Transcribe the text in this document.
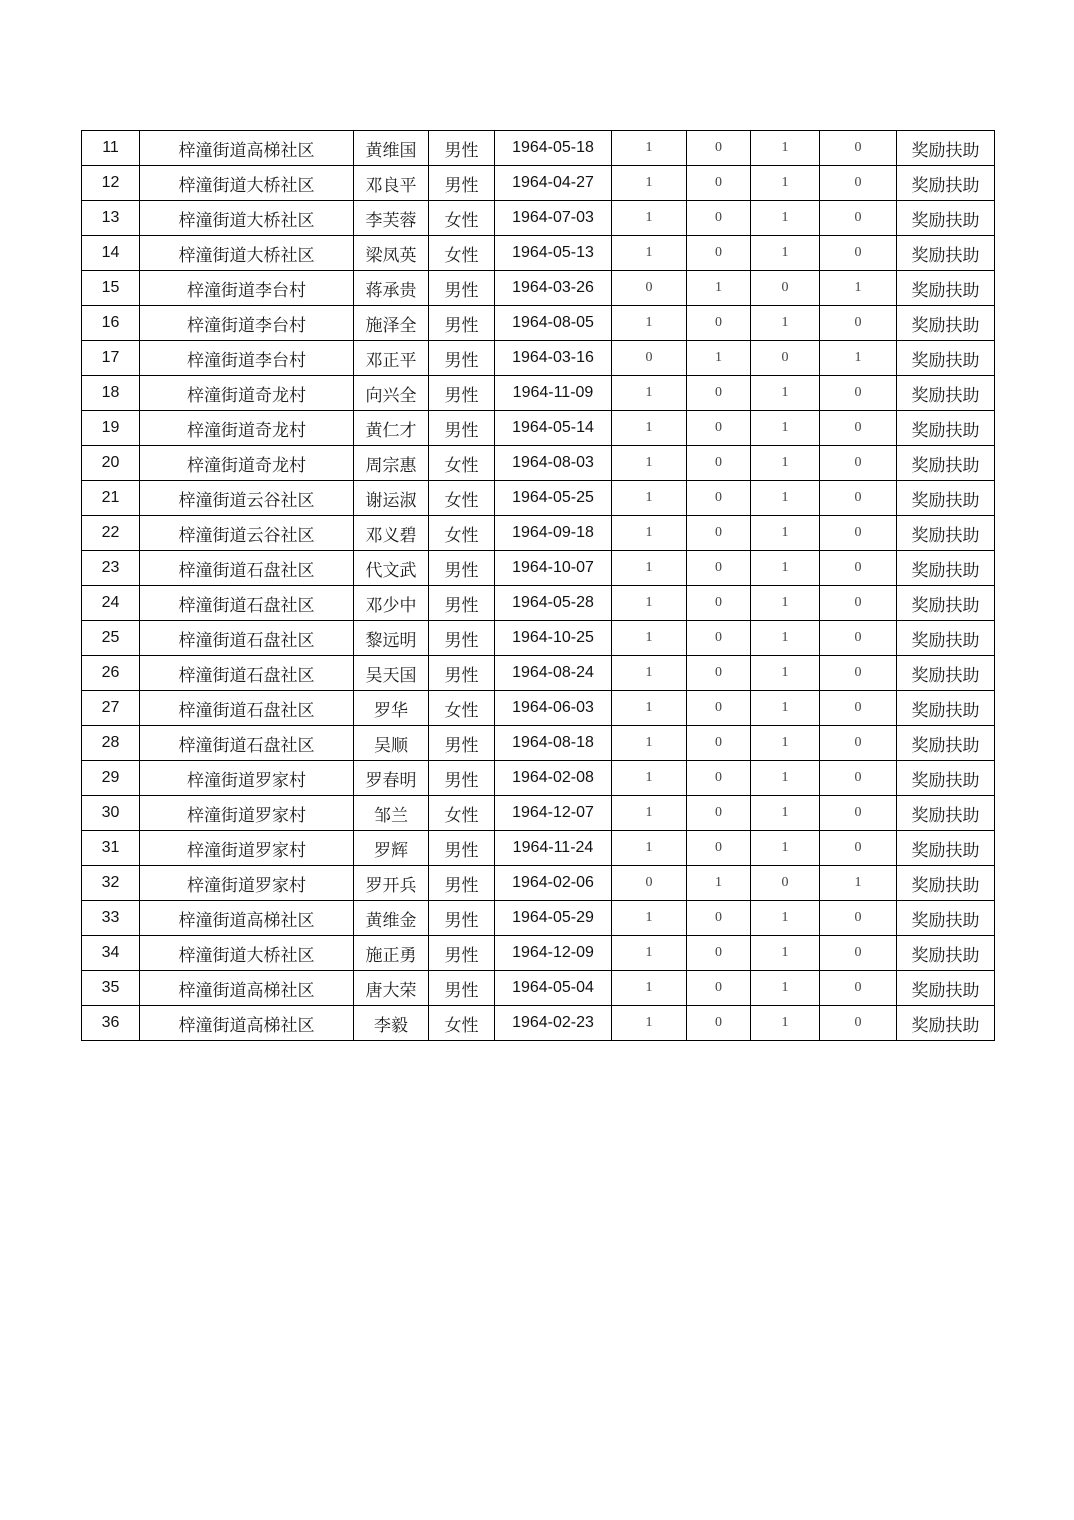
11	梓潼街道高梯社区	黄维国	男性	1964-05-18	1	0	1	0	奖励扶助
12	梓潼街道大桥社区	邓良平	男性	1964-04-27	1	0	1	0	奖励扶助
13	梓潼街道大桥社区	李芙蓉	女性	1964-07-03	1	0	1	0	奖励扶助
14	梓潼街道大桥社区	梁凤英	女性	1964-05-13	1	0	1	0	奖励扶助
15	梓潼街道李台村	蒋承贵	男性	1964-03-26	0	1	0	1	奖励扶助
16	梓潼街道李台村	施泽全	男性	1964-08-05	1	0	1	0	奖励扶助
17	梓潼街道李台村	邓正平	男性	1964-03-16	0	1	0	1	奖励扶助
18	梓潼街道奇龙村	向兴全	男性	1964-11-09	1	0	1	0	奖励扶助
19	梓潼街道奇龙村	黄仁才	男性	1964-05-14	1	0	1	0	奖励扶助
20	梓潼街道奇龙村	周宗惠	女性	1964-08-03	1	0	1	0	奖励扶助
21	梓潼街道云谷社区	谢运淑	女性	1964-05-25	1	0	1	0	奖励扶助
22	梓潼街道云谷社区	邓义碧	女性	1964-09-18	1	0	1	0	奖励扶助
23	梓潼街道石盘社区	代文武	男性	1964-10-07	1	0	1	0	奖励扶助
24	梓潼街道石盘社区	邓少中	男性	1964-05-28	1	0	1	0	奖励扶助
25	梓潼街道石盘社区	黎远明	男性	1964-10-25	1	0	1	0	奖励扶助
26	梓潼街道石盘社区	吴天国	男性	1964-08-24	1	0	1	0	奖励扶助
27	梓潼街道石盘社区	罗华	女性	1964-06-03	1	0	1	0	奖励扶助
28	梓潼街道石盘社区	吴顺	男性	1964-08-18	1	0	1	0	奖励扶助
29	梓潼街道罗家村	罗春明	男性	1964-02-08	1	0	1	0	奖励扶助
30	梓潼街道罗家村	邹兰	女性	1964-12-07	1	0	1	0	奖励扶助
31	梓潼街道罗家村	罗辉	男性	1964-11-24	1	0	1	0	奖励扶助
32	梓潼街道罗家村	罗开兵	男性	1964-02-06	0	1	0	1	奖励扶助
33	梓潼街道高梯社区	黄维金	男性	1964-05-29	1	0	1	0	奖励扶助
34	梓潼街道大桥社区	施正勇	男性	1964-12-09	1	0	1	0	奖励扶助
35	梓潼街道高梯社区	唐大荣	男性	1964-05-04	1	0	1	0	奖励扶助
36	梓潼街道高梯社区	李毅	女性	1964-02-23	1	0	1	0	奖励扶助
